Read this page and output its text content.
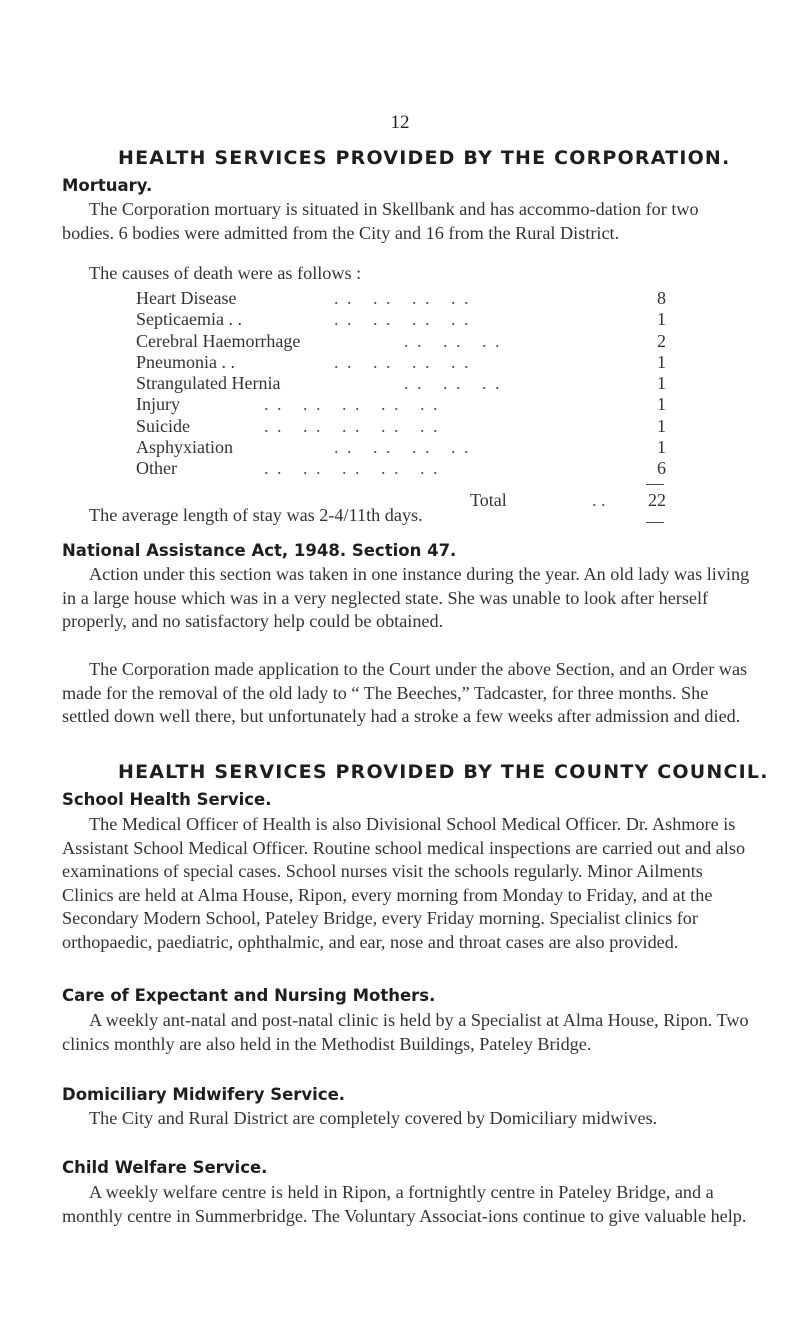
12
HEALTH SERVICES PROVIDED BY THE CORPORATION.
Mortuary.

The Corporation mortuary is situated in Skellbank and has accommo-dation for two bodies. 6 bodies were admitted from the City and 16 from the Rural District.

The causes of death were as follows :

Heart Disease	. .   . .   . .   . .	8
Septicaemia . .	. .   . .   . .   . .	1
Cerebral Haemorrhage	. .   . .   . .	2
Pneumonia . .	. .   . .   . .   . .	1
Strangulated Hernia	. .   . .   . .	1
Injury	. .   . .   . .   . .   . .	1
Suicide	. .   . .   . .   . .   . .	1
Asphyxiation	. .   . .   . .   . .	1
Other	. .   . .   . .   . .   . .	6
Total	. . 22

The average length of stay was 2-4/11th days.

National Assistance Act, 1948. Section 47.

Action under this section was taken in one instance during the year. An old lady was living in a large house which was in a very neglected state. She was unable to look after herself properly, and no satisfactory help could be obtained.

The Corporation made application to the Court under the above Section, and an Order was made for the removal of the old lady to “ The Beeches,” Tadcaster, for three months. She settled down well there, but unfortunately had a stroke a few weeks after admission and died.

HEALTH SERVICES PROVIDED BY THE COUNTY COUNCIL.
School Health Service.

The Medical Officer of Health is also Divisional School Medical Officer. Dr. Ashmore is Assistant School Medical Officer. Routine school medical inspections are carried out and also examinations of special cases. School nurses visit the schools regularly. Minor Ailments Clinics are held at Alma House, Ripon, every morning from Monday to Friday, and at the Secondary Modern School, Pateley Bridge, every Friday morning. Specialist clinics for orthopaedic, paediatric, ophthalmic, and ear, nose and throat cases are also provided.

Care of Expectant and Nursing Mothers.

A weekly ant-natal and post-natal clinic is held by a Specialist at Alma House, Ripon. Two clinics monthly are also held in the Methodist Buildings, Pateley Bridge.

Domiciliary Midwifery Service.

The City and Rural District are completely covered by Domiciliary midwives.

Child Welfare Service.

A weekly welfare centre is held in Ripon, a fortnightly centre in Pateley Bridge, and a monthly centre in Summerbridge. The Voluntary Associat-ions continue to give valuable help.
